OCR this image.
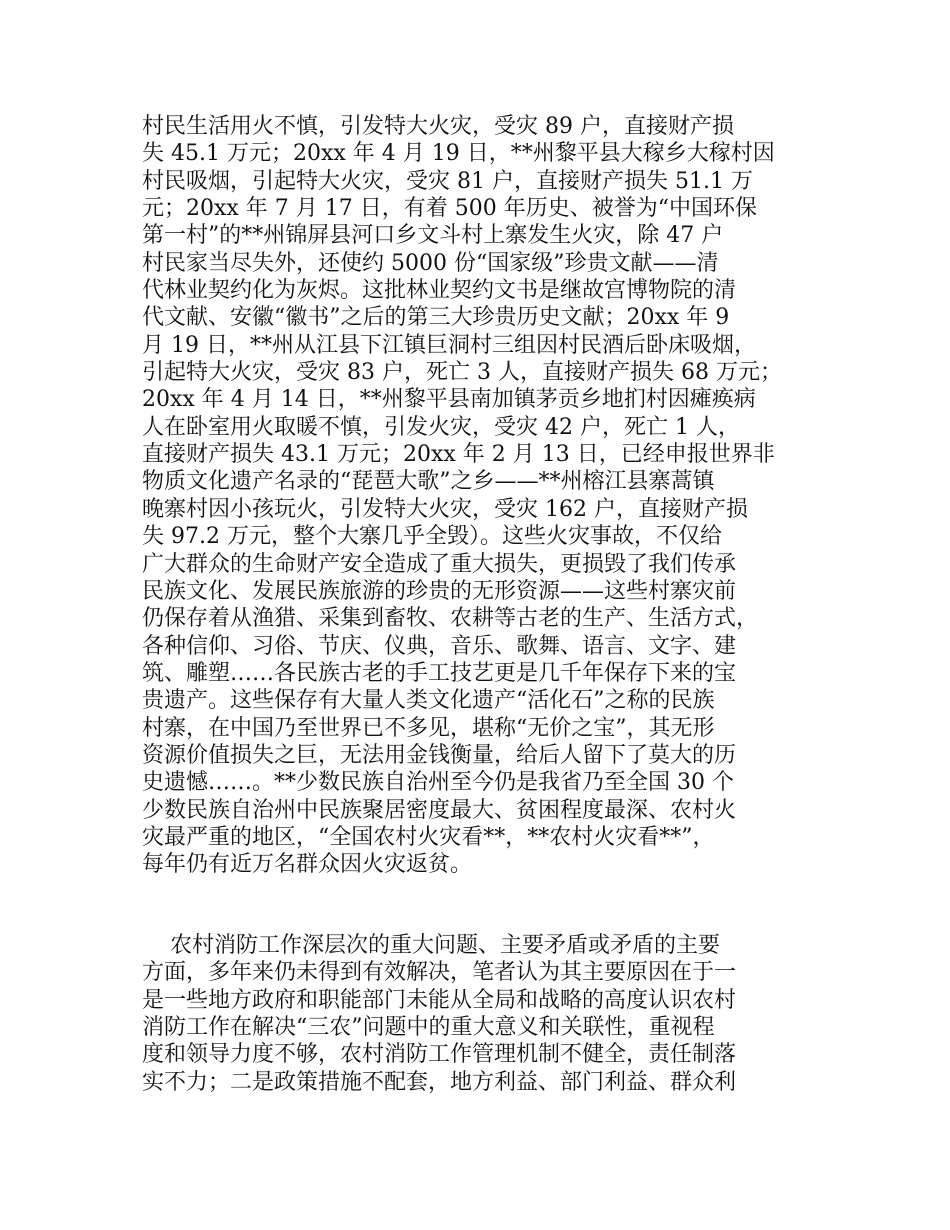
村民生活用火不慎，引发特大火灾，受灾 89 户，直接财产损
失 45.1 万元；20xx 年 4 月 19 日，**州黎平县大稼乡大稼村因
村民吸烟，引起特大火灾，受灾 81 户，直接财产损失 51.1 万
元；20xx 年 7 月 17 日，有着 500 年历史、被誉为“中国环保
第一村”的**州锦屏县河口乡文斗村上寨发生火灾，除 47 户
村民家当尽失外，还使约 5000 份“国家级”珍贵文献——清
代林业契约化为灰烬。这批林业契约文书是继故宫博物院的清
代文献、安徽“徽书”之后的第三大珍贵历史文献；20xx 年 9
月 19 日，**州从江县下江镇巨洞村三组因村民酒后卧床吸烟，
引起特大火灾，受灾 83 户，死亡 3 人，直接财产损失 68 万元；
20xx 年 4 月 14 日，**州黎平县南加镇茅贡乡地扪村因瘫痪病
人在卧室用火取暖不慎，引发火灾，受灾 42 户，死亡 1 人，
直接财产损失 43.1 万元；20xx 年 2 月 13 日，已经申报世界非
物质文化遗产名录的“琵琶大歌”之乡——**州榕江县寨蒿镇
晚寨村因小孩玩火，引发特大火灾，受灾 162 户，直接财产损
失 97.2 万元，整个大寨几乎全毁）。这些火灾事故，不仅给
广大群众的生命财产安全造成了重大损失，更损毁了我们传承
民族文化、发展民族旅游的珍贵的无形资源——这些村寨灾前
仍保存着从渔猎、采集到畜牧、农耕等古老的生产、生活方式，
各种信仰、习俗、节庆、仪典，音乐、歌舞、语言、文字、建
筑、雕塑……各民族古老的手工技艺更是几千年保存下来的宝
贵遗产。这些保存有大量人类文化遗产“活化石”之称的民族
村寨，在中国乃至世界已不多见，堪称“无价之宝”，其无形
资源价值损失之巨，无法用金钱衡量，给后人留下了莫大的历
史遗憾……。**少数民族自治州至今仍是我省乃至全国 30 个
少数民族自治州中民族聚居密度最大、贫困程度最深、农村火
灾最严重的地区，“全国农村火灾看**，**农村火灾看**”，
每年仍有近万名群众因火灾返贫。
农村消防工作深层次的重大问题、主要矛盾或矛盾的主要
方面，多年来仍未得到有效解决，笔者认为其主要原因在于一
是一些地方政府和职能部门未能从全局和战略的高度认识农村
消防工作在解决“三农”问题中的重大意义和关联性，重视程
度和领导力度不够，农村消防工作管理机制不健全，责任制落
实不力；二是政策措施不配套，地方利益、部门利益、群众利
